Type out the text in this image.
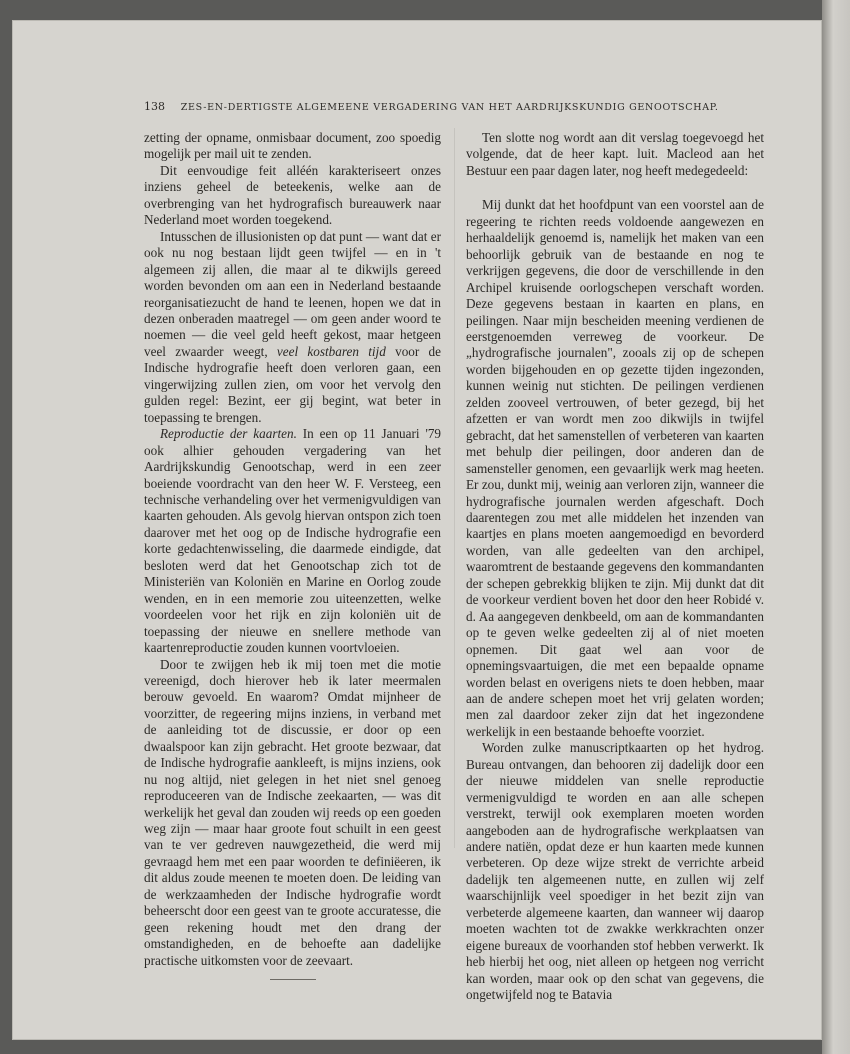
138 ZES-EN-DERTIGSTE ALGEMEENE VERGADERING VAN HET AARDRIJKSKUNDIG GENOOTSCHAP.

zetting der opname, onmisbaar document, zoo spoedig mogelijk per mail uit te zenden.

Dit eenvoudige feit alléén karakteriseert onzes inziens geheel de beteekenis, welke aan de overbrenging van het hydrografisch bureauwerk naar Nederland moet worden toegekend.

Intusschen de illusionisten op dat punt — want dat er ook nu nog bestaan lijdt geen twijfel — en in 't algemeen zij allen, die maar al te dikwijls gereed worden bevonden om aan een in Nederland bestaande reorganisatiezucht de hand te leenen, hopen we dat in dezen onberaden maatregel — om geen ander woord te noemen — die veel geld heeft gekost, maar hetgeen veel zwaarder weegt, veel kostbaren tijd voor de Indische hydrografie heeft doen verloren gaan, een vingerwijzing zullen zien, om voor het vervolg den gulden regel: Bezint, eer gij begint, wat beter in toepassing te brengen.

Reproductie der kaarten. In een op 11 Januari '79 ook alhier gehouden vergadering van het Aardrijkskundig Genootschap, werd in een zeer boeiende voordracht van den heer W. F. Versteeg, een technische verhandeling over het vermenigvuldigen van kaarten gehouden. Als gevolg hiervan ontspon zich toen daarover met het oog op de Indische hydrografie een korte gedachtenwisseling, die daarmede eindigde, dat besloten werd dat het Genootschap zich tot de Ministeriën van Koloniën en Marine en Oorlog zoude wenden, en in een memorie zou uiteenzetten, welke voordeelen voor het rijk en zijn koloniën uit de toepassing der nieuwe en snellere methode van kaartenreproductie zouden kunnen voortvloeien.

Door te zwijgen heb ik mij toen met die motie vereenigd, doch hierover heb ik later meermalen berouw gevoeld. En waarom? Omdat mijnheer de voorzitter, de regeering mijns inziens, in verband met de aanleiding tot de discussie, er door op een dwaalspoor kan zijn gebracht. Het groote bezwaar, dat de Indische hydrografie aankleeft, is mijns inziens, ook nu nog altijd, niet gelegen in het niet snel genoeg reproduceeren van de Indische zeekaarten, — was dit werkelijk het geval dan zouden wij reeds op een goeden weg zijn — maar haar groote fout schuilt in een geest van te ver gedreven nauwgezetheid, die werd mij gevraagd hem met een paar woorden te definiëeren, ik dit aldus zoude meenen te moeten doen. De leiding van de werkzaamheden der Indische hydrografie wordt beheerscht door een geest van te groote accuratesse, die geen rekening houdt met den drang der omstandigheden, en de behoefte aan dadelijke practische uitkomsten voor de zeevaart.

Ten slotte nog wordt aan dit verslag toegevoegd het volgende, dat de heer kapt. luit. Macleod aan het Bestuur een paar dagen later, nog heeft medegedeeld:

Mij dunkt dat het hoofdpunt van een voorstel aan de regeering te richten reeds voldoende aangewezen en herhaaldelijk genoemd is, namelijk het maken van een behoorlijk gebruik van de bestaande en nog te verkrijgen gegevens, die door de verschillende in den Archipel kruisende oorlogschepen verschaft worden. Deze gegevens bestaan in kaarten en plans, en peilingen. Naar mijn bescheiden meening verdienen de eerstgenoemden verreweg de voorkeur. De „hydrografische journalen", zooals zij op de schepen worden bijgehouden en op gezette tijden ingezonden, kunnen weinig nut stichten. De peilingen verdienen zelden zooveel vertrouwen, of beter gezegd, bij het afzetten er van wordt men zoo dikwijls in twijfel gebracht, dat het samenstellen of verbeteren van kaarten met behulp dier peilingen, door anderen dan de samensteller genomen, een gevaarlijk werk mag heeten. Er zou, dunkt mij, weinig aan verloren zijn, wanneer die hydrografische journalen werden afgeschaft. Doch daarentegen zou met alle middelen het inzenden van kaartjes en plans moeten aangemoedigd en bevorderd worden, van alle gedeelten van den archipel, waaromtrent de bestaande gegevens den kommandanten der schepen gebrekkig blijken te zijn. Mij dunkt dat dit de voorkeur verdient boven het door den heer Robidé v. d. Aa aangegeven denkbeeld, om aan de kommandanten op te geven welke gedeelten zij al of niet moeten opnemen. Dit gaat wel aan voor de opnemingsvaartuigen, die met een bepaalde opname worden belast en overigens niets te doen hebben, maar aan de andere schepen moet het vrij gelaten worden; men zal daardoor zeker zijn dat het ingezondene werkelijk in een bestaande behoefte voorziet.

Worden zulke manuscriptkaarten op het hydrog. Bureau ontvangen, dan behooren zij dadelijk door een der nieuwe middelen van snelle reproductie vermenigvuldigd te worden en aan alle schepen verstrekt, terwijl ook exemplaren moeten worden aangeboden aan de hydrografische werkplaatsen van andere natiën, opdat deze er hun kaarten mede kunnen verbeteren. Op deze wijze strekt de verrichte arbeid dadelijk ten algemeenen nutte, en zullen wij zelf waarschijnlijk veel spoediger in het bezit zijn van verbeterde algemeene kaarten, dan wanneer wij daarop moeten wachten tot de zwakke werkkrachten onzer eigene bureaux de voorhanden stof hebben verwerkt. Ik heb hierbij het oog, niet alleen op hetgeen nog verricht kan worden, maar ook op den schat van gegevens, die ongetwijfeld nog te Batavia
